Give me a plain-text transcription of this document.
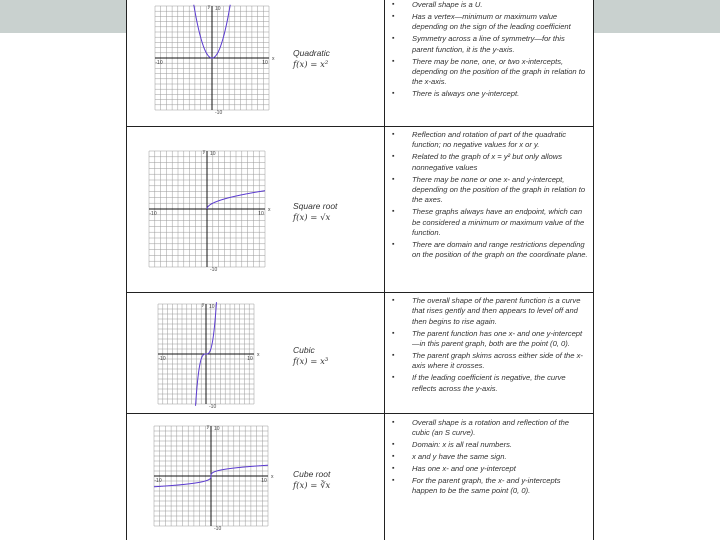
10
-10
-10	10
y
x
Quadratic
f(x) = x²
▪ Overall shape is a U.
▪ Has a vertex—minimum or maximum value depending on the sign of the leading coefficient
▪ Symmetry across a line of symmetry—for this parent function, it is the y-axis.
▪ There may be none, one, or two x-intercepts, depending on the position of the graph in relation to the x-axis.
▪ There is always one y-intercept.
10
-10
-10	10
y
x	Square root
f(x) = √x
▪ Reflection and rotation of part of the quadratic function; no negative values for x or y.
▪ Related to the graph of x = y² but only allows nonnegative values
▪ There may be none or one x- and y-intercept, depending on the position of the graph in relation to the axes.
▪ These graphs always have an endpoint, which can be considered a minimum or maximum value of the function.
▪ There are domain and range restrictions depending on the position of the graph on the coordinate plane.
10
-10
-10	10
y
x	Cubic
f(x) = x³
▪ The overall shape of the parent function is a curve that rises gently and then appears to level off and then begins to rise again.
▪ The parent function has one x- and one y-intercept—in this parent graph, both are the point (0, 0).
▪ The parent graph skims across either side of the x-axis where it crosses.
▪ If the leading coefficient is negative, the curve reflects across the y-axis.
10
-10
-10	10
y
x Cube root
f(x) = ∛x
▪ Overall shape is a rotation and reflection of the cubic (an S curve).
▪ Domain: x is all real numbers.
▪ x and y have the same sign.
▪ Has one x- and one y-intercept
▪ For the parent graph, the x- and y-intercepts happen to be the same point (0, 0).
